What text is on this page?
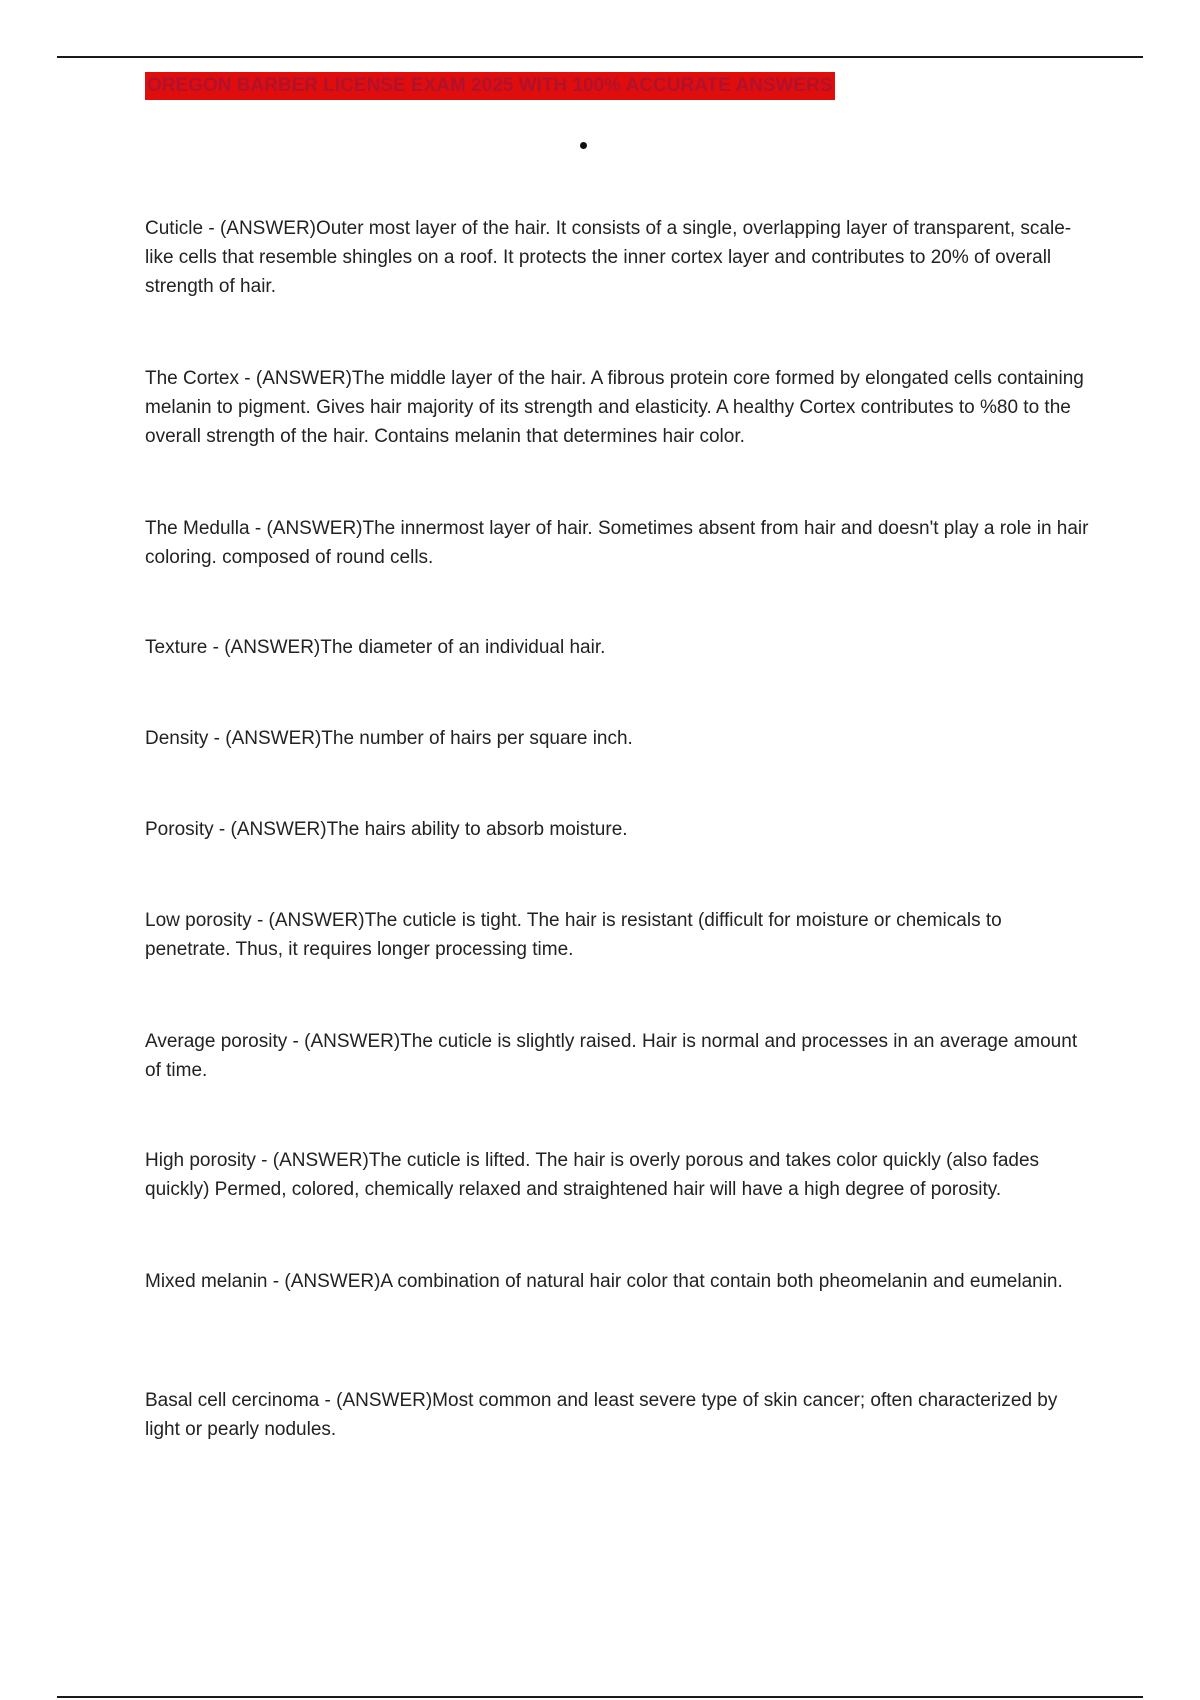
OREGON BARBER LICENSE EXAM 2025 WITH 100% ACCURATE ANSWERS

Cuticle - (ANSWER)Outer most layer of the hair. It consists of a single, overlapping layer of transparent, scale-like cells that resemble shingles on a roof. It protects the inner cortex layer and contributes to 20% of overall strength of hair.

The Cortex - (ANSWER)The middle layer of the hair. A fibrous protein core formed by elongated cells containing melanin to pigment. Gives hair majority of its strength and elasticity. A healthy Cortex contributes to %80 to the overall strength of the hair. Contains melanin that determines hair color.

The Medulla - (ANSWER)The innermost layer of hair. Sometimes absent from hair and doesn't play a role in hair coloring. composed of round cells.

Texture - (ANSWER)The diameter of an individual hair.

Density - (ANSWER)The number of hairs per square inch.

Porosity - (ANSWER)The hairs ability to absorb moisture.

Low porosity - (ANSWER)The cuticle is tight. The hair is resistant (difficult for moisture or chemicals to penetrate. Thus, it requires longer processing time.

Average porosity - (ANSWER)The cuticle is slightly raised. Hair is normal and processes in an average amount of time.

High porosity - (ANSWER)The cuticle is lifted. The hair is overly porous and takes color quickly (also fades quickly) Permed, colored, chemically relaxed and straightened hair will have a high degree of porosity.

Mixed melanin - (ANSWER)A combination of natural hair color that contain both pheomelanin and eumelanin.

Basal cell cercinoma - (ANSWER)Most common and least severe type of skin cancer; often characterized by light or pearly nodules.
